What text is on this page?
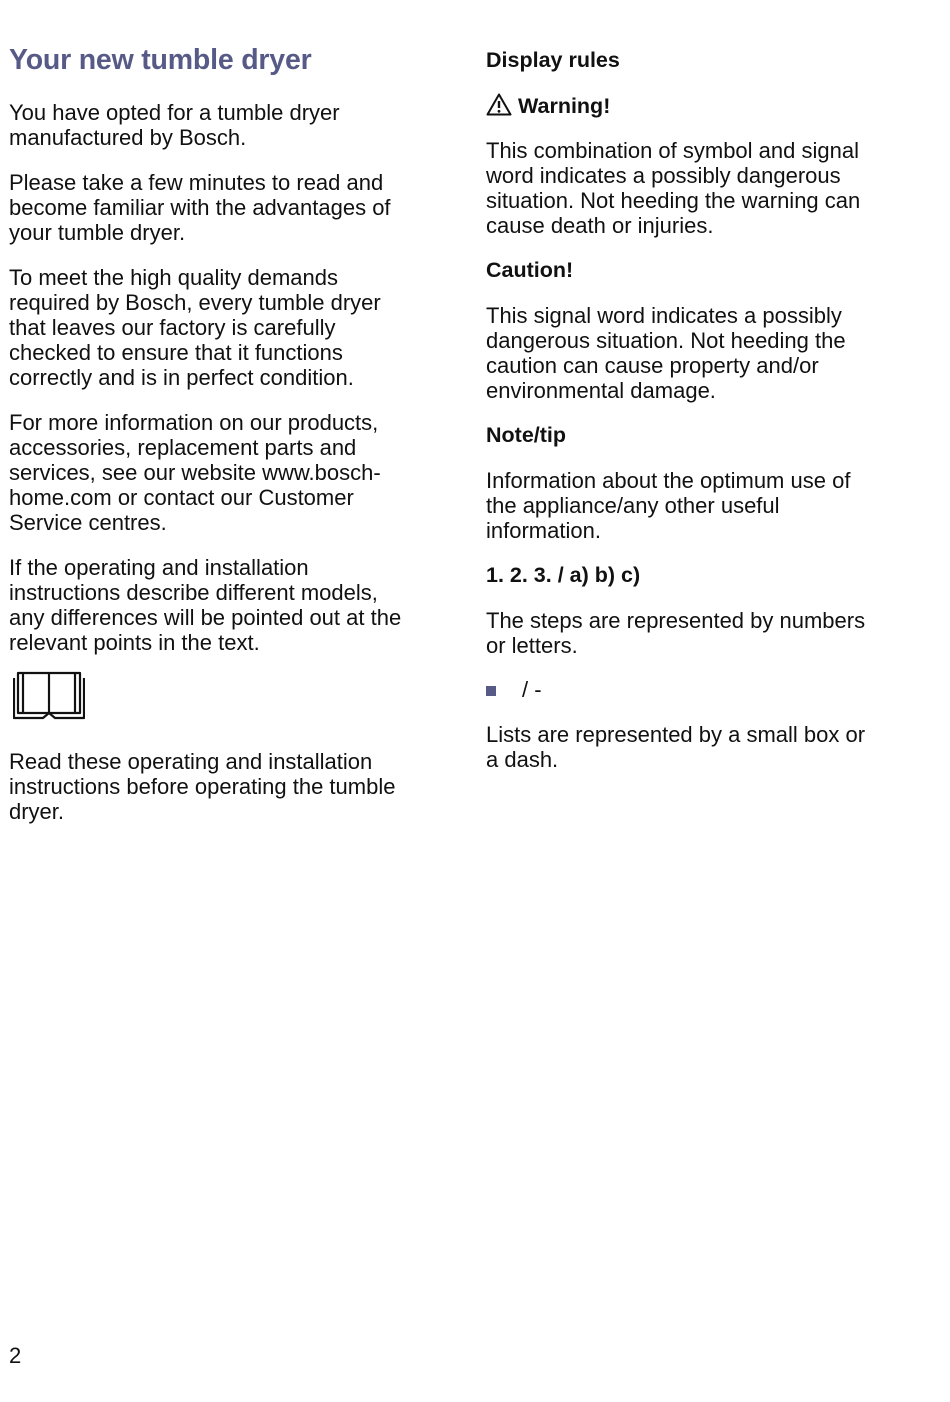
Your new tumble dryer

You have opted for a tumble dryer
manufactured by Bosch.

Please take a few minutes to read and
become familiar with the advantages of
your tumble dryer.

To meet the high quality demands
required by Bosch, every tumble dryer
that leaves our factory is carefully
checked to ensure that it functions
correctly and is in perfect condition.

For more information on our products,
accessories, replacement parts and
services, see our website www.bosch-
home.com or contact our Customer
Service centres.

If the operating and installation
instructions describe different models,
any differences will be pointed out at the
relevant points in the text.

Read these operating and installation
instructions before operating the tumble
dryer.

Display rules

Warning!

This combination of symbol and signal
word indicates a possibly dangerous
situation. Not heeding the warning can
cause death or injuries.

Caution!

This signal word indicates a possibly
dangerous situation. Not heeding the
caution can cause property and/or
environmental damage.

Note/tip

Information about the optimum use of
the appliance/any other useful
information.

1. 2. 3. / a) b) c)

The steps are represented by numbers
or letters.

/ -

Lists are represented by a small box or
a dash.

2
